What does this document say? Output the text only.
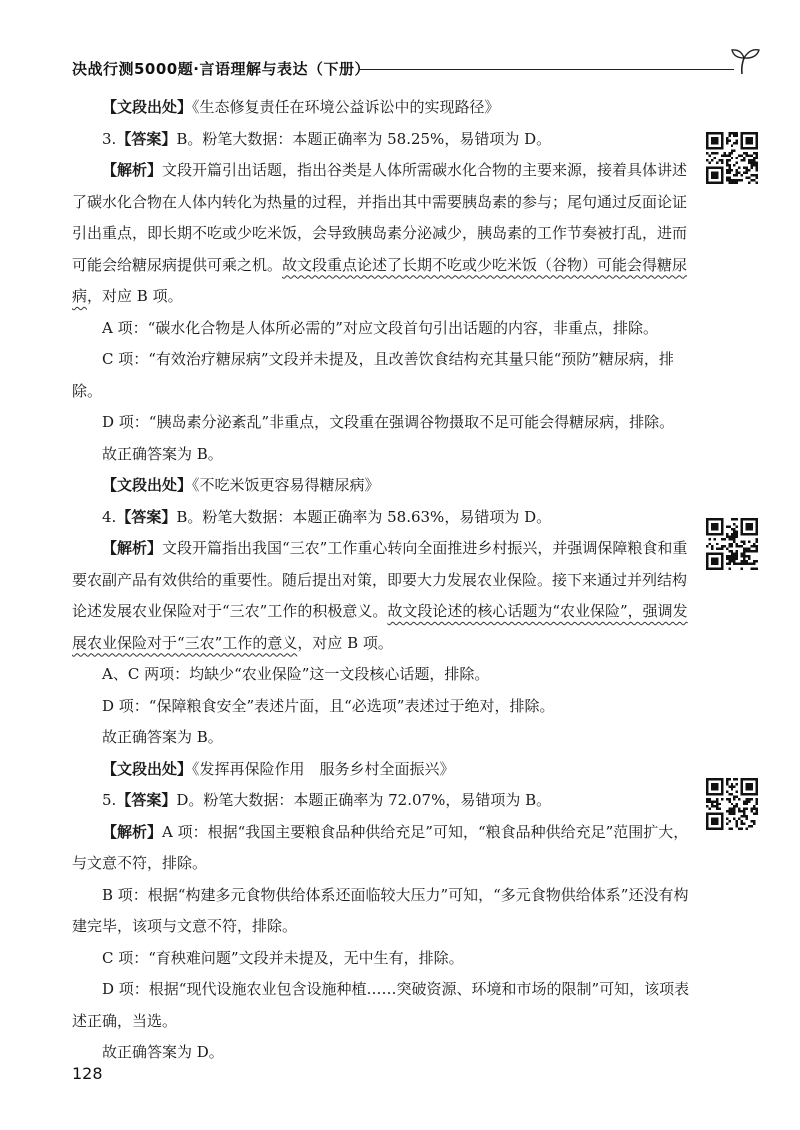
决战行测5000题·言语理解与表达（下册）

【文段出处】《生态修复责任在环境公益诉讼中的实现路径》

3.【答案】B。粉笔大数据：本题正确率为 58.25%，易错项为 D。

【解析】文段开篇引出话题，指出谷类是人体所需碳水化合物的主要来源，接着具体讲述了碳水化合物在人体内转化为热量的过程，并指出其中需要胰岛素的参与；尾句通过反面论证引出重点，即长期不吃或少吃米饭，会导致胰岛素分泌减少，胰岛素的工作节奏被打乱，进而可能会给糖尿病提供可乘之机。故文段重点论述了长期不吃或少吃米饭（谷物）可能会得糖尿病，对应 B 项。

A 项：“碳水化合物是人体所必需的”对应文段首句引出话题的内容，非重点，排除。

C 项：“有效治疗糖尿病”文段并未提及，且改善饮食结构充其量只能“预防”糖尿病，排除。

D 项：“胰岛素分泌紊乱”非重点，文段重在强调谷物摄取不足可能会得糖尿病，排除。

故正确答案为 B。

【文段出处】《不吃米饭更容易得糖尿病》

4.【答案】B。粉笔大数据：本题正确率为 58.63%，易错项为 D。

【解析】文段开篇指出我国“三农”工作重心转向全面推进乡村振兴，并强调保障粮食和重要农副产品有效供给的重要性。随后提出对策，即要大力发展农业保险。接下来通过并列结构论述发展农业保险对于“三农”工作的积极意义。故文段论述的核心话题为“农业保险”，强调发展农业保险对于“三农”工作的意义，对应 B 项。

A、C 两项：均缺少“农业保险”这一文段核心话题，排除。

D 项：“保障粮食安全”表述片面，且“必选项”表述过于绝对，排除。

故正确答案为 B。

【文段出处】《发挥再保险作用　服务乡村全面振兴》

5.【答案】D。粉笔大数据：本题正确率为 72.07%，易错项为 B。

【解析】A 项：根据“我国主要粮食品种供给充足”可知，“粮食品种供给充足”范围扩大，与文意不符，排除。

B 项：根据“构建多元食物供给体系还面临较大压力”可知，“多元食物供给体系”还没有构建完毕，该项与文意不符，排除。

C 项：“育秧难问题”文段并未提及，无中生有，排除。

D 项：根据“现代设施农业包含设施种植……突破资源、环境和市场的限制”可知，该项表述正确，当选。

故正确答案为 D。

128
